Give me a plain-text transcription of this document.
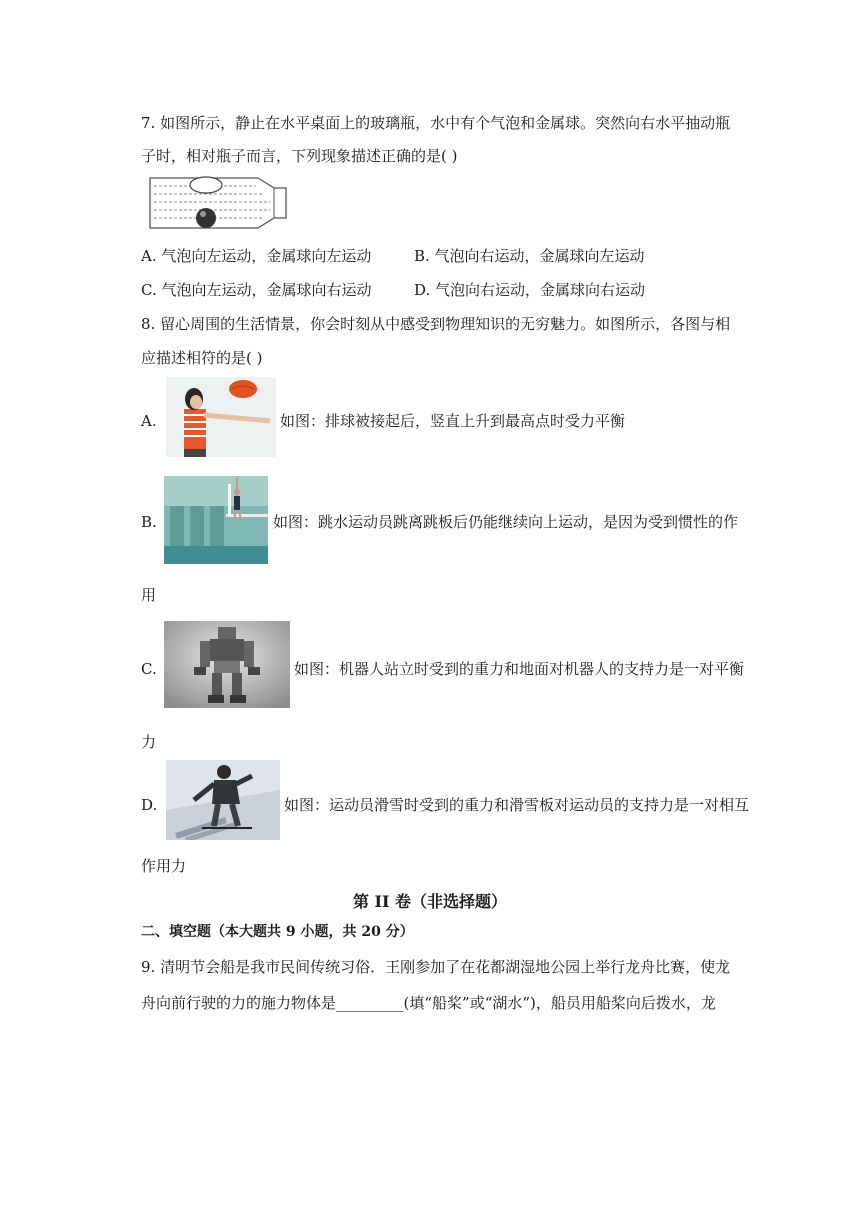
7. 如图所示，静止在水平桌面上的玻璃瓶，水中有个气泡和金属球。突然向右水平抽动瓶
子时，相对瓶子而言，下列现象描述正确的是( )
A. 气泡向左运动，金属球向左运动	B. 气泡向右运动，金属球向左运动
C. 气泡向左运动，金属球向右运动	D. 气泡向右运动，金属球向右运动
8. 留心周围的生活情景，你会时刻从中感受到物理知识的无穷魅力。如图所示，各图与相
应描述相符的是( )
A.	如图：排球被接起后，竖直上升到最高点时受力平衡
B.	如图：跳水运动员跳离跳板后仍能继续向上运动，是因为受到惯性的作
用
C.	如图：机器人站立时受到的重力和地面对机器人的支持力是一对平衡
力
D.	如图：运动员滑雪时受到的重力和滑雪板对运动员的支持力是一对相互
作用力
第 II 卷（非选择题）
二、填空题（本大题共 9 小题，共 20 分）
9. 清明节会船是我市民间传统习俗．王刚参加了在花都湖湿地公园上举行龙舟比赛，使龙
舟向前行驶的力的施力物体是_________(填“船桨”或“湖水”)，船员用船桨向后拨水，龙
